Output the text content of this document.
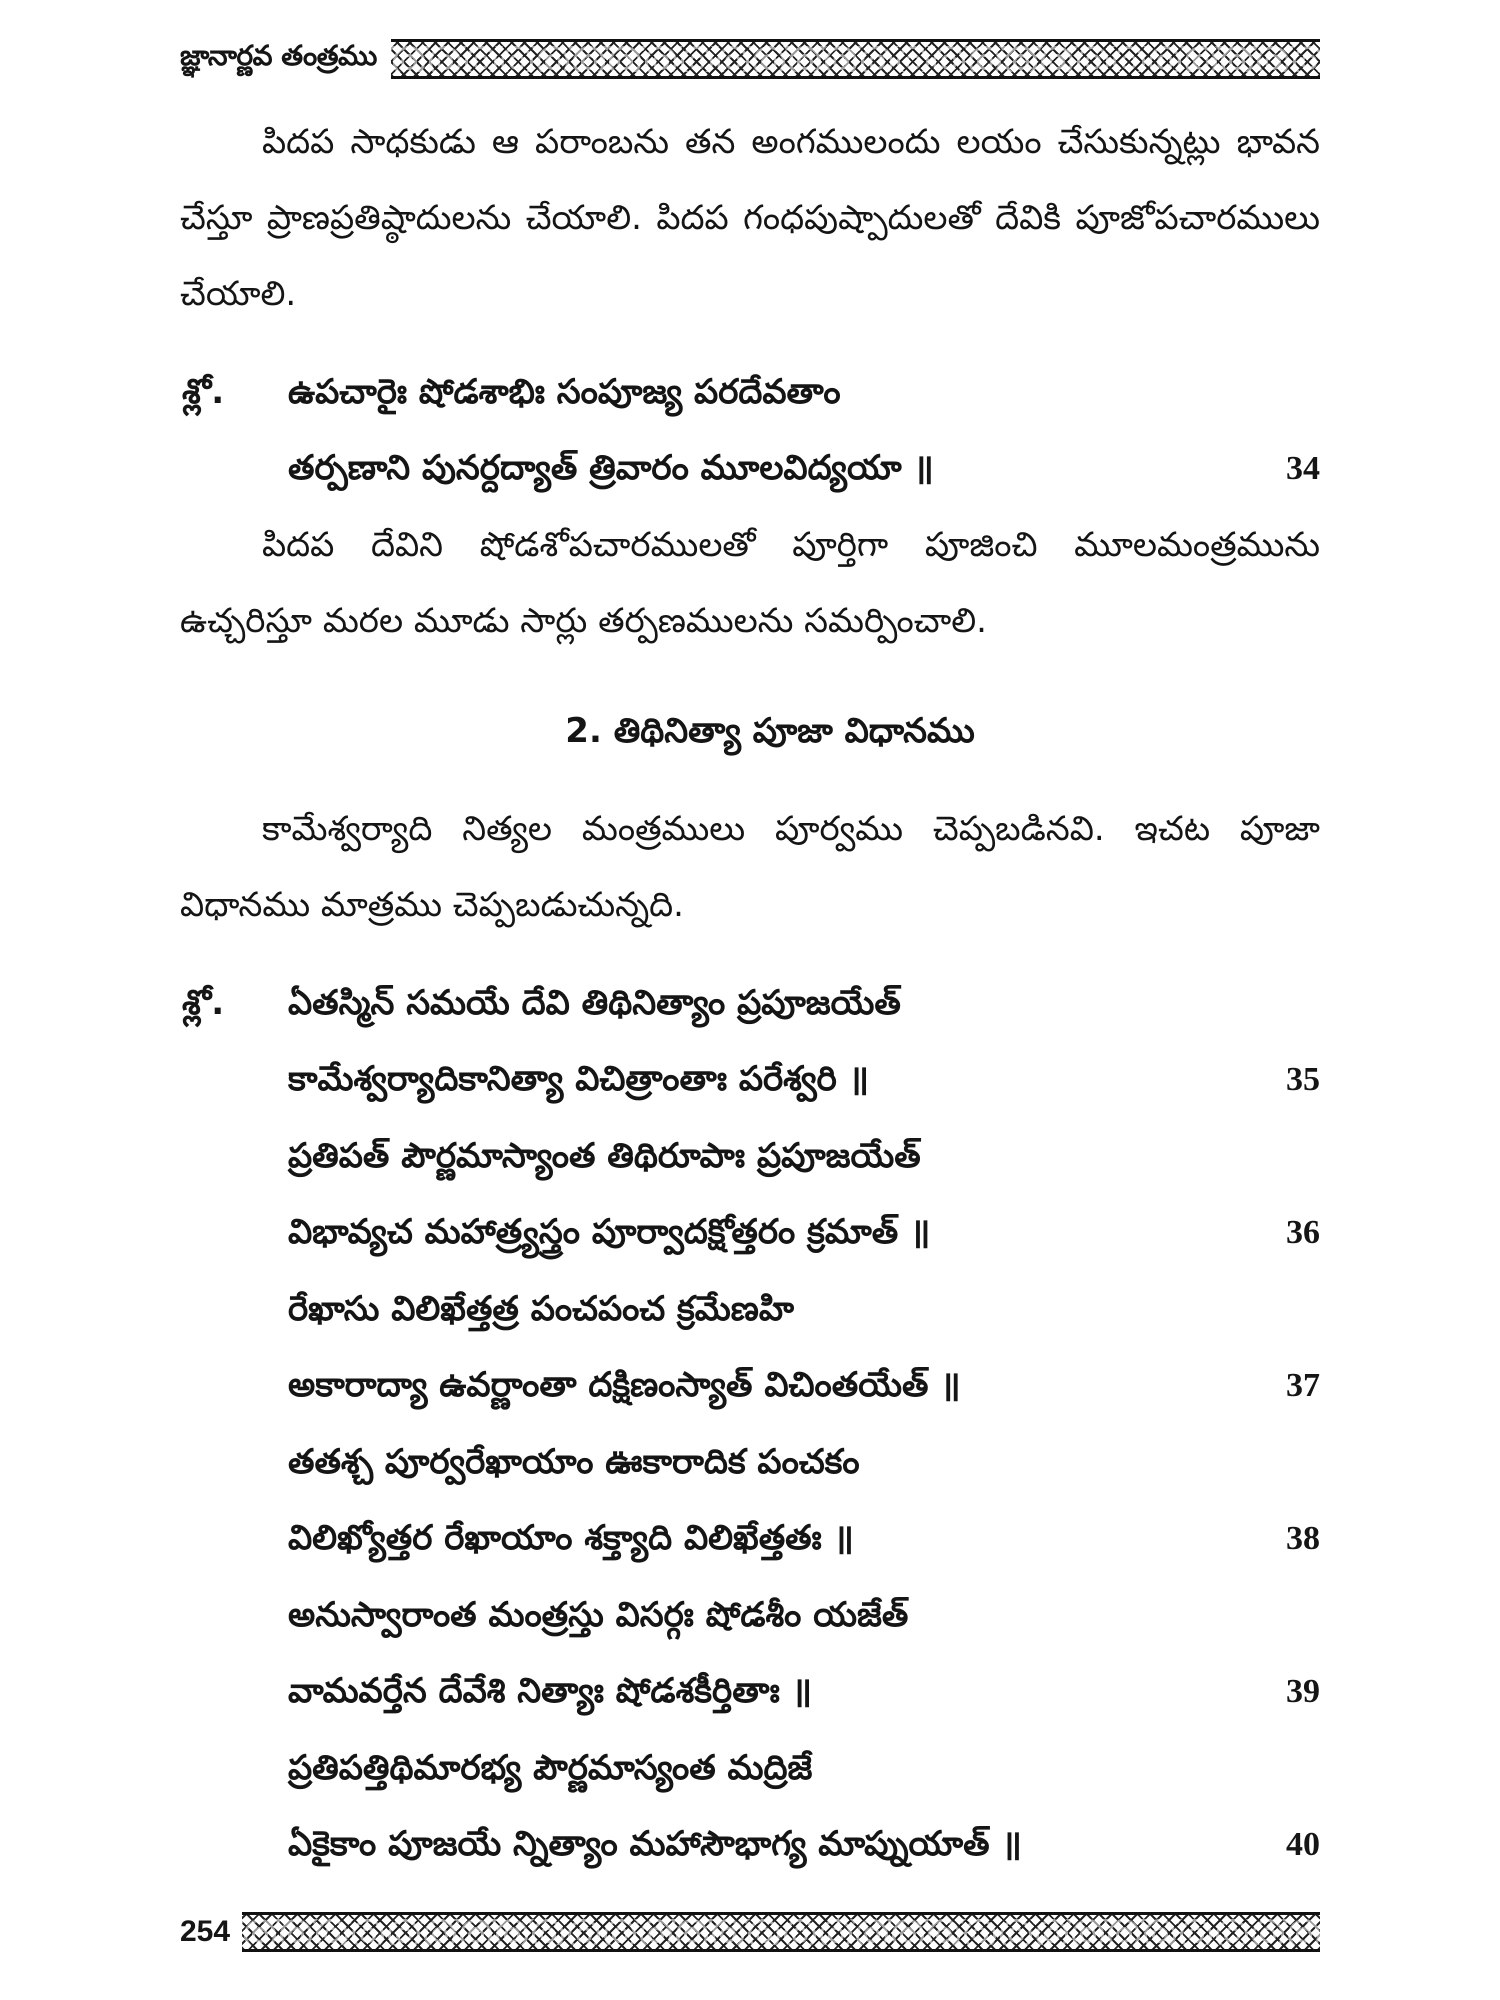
జ్ఞానార్ణవ తంత్రము
పిదప సాధకుడు ఆ పరాంబను తన అంగములందు లయం చేసుకున్నట్లు భావన చేస్తూ ప్రాణప్రతిష్ఠాదులను చేయాలి. పిదప గంధపుష్పాదులతో దేవికి పూజోపచారములు చేయాలి.
శ్లో. ఉపచారైః షోడశాభిః సంపూజ్య పరదేవతాం
తర్పణాని పునర్దద్యాత్ త్రివారం మూలవిద్యయా ॥	34
పిదప దేవిని షోడశోపచారములతో పూర్తిగా పూజించి మూలమంత్రమును ఉచ్చరిస్తూ మరల మూడు సార్లు తర్పణములను సమర్పించాలి.
2. తిథినిత్యా పూజా విధానము
కామేశ్వర్యాది నిత్యల మంత్రములు పూర్వము చెప్పబడినవి. ఇచట పూజా విధానము మాత్రము చెప్పబడుచున్నది.
శ్లో. ఏతస్మిన్ సమయే దేవి తిథినిత్యాం ప్రపూజయేత్
కామేశ్వర్యాదికానిత్యా విచిత్రాంతాః పరేశ్వరి ॥	35
ప్రతిపత్ పౌర్ణమాస్యాంత తిథిరూపాః ప్రపూజయేత్
విభావ్యచ మహాత్ర్యస్త్రం పూర్వాదక్షోత్తరం క్రమాత్ ॥	36
రేఖాసు విలిఖేత్తత్ర పంచపంచ క్రమేణహి
అకారాద్యా ఉవర్ణాంతా దక్షిణంస్యాత్ విచింతయేత్ ॥	37
తతశ్చ పూర్వరేఖాయాం ఊకారాదిక పంచకం
విలిఖ్యోత్తర రేఖాయాం శక్త్యాది విలిఖేత్తతః ॥	38
అనుస్వారాంత మంత్రస్తు విసర్గః షోడశీం యజేత్
వామవర్తేన దేవేశి నిత్యాః షోడశకీర్తితాః ॥	39
ప్రతిపత్తిథిమారభ్య పౌర్ణమాస్యంత మద్రిజే
ఏకైకాం పూజయే న్నిత్యాం మహాసౌభాగ్య మాప్నుయాత్ ॥	40
254
